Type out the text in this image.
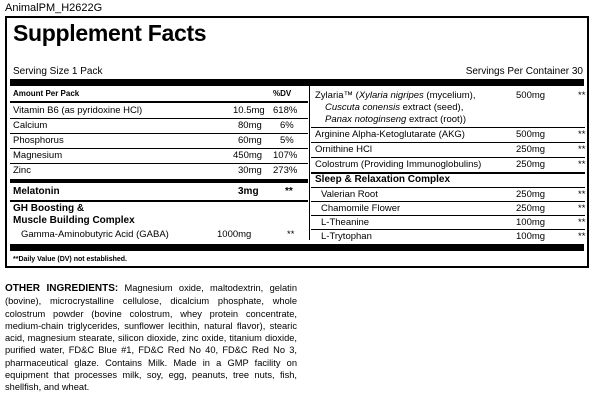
AnimalPM_H2622G
Supplement Facts
Serving Size 1 Pack	Servings Per Container 30
Amount Per Pack	%DV
Vitamin B6 (as pyridoxine HCl)	10.5mg 618%
Calcium	80mg 6%
Phosphorus	60mg 5%
Magnesium	450mg 107%
Zinc	30mg 273%
Melatonin	3mg	**
GH Boosting &
Muscle Building Complex
Gamma-Aminobutyric Acid (GABA)	1000mg	**
Zylaria™ (Xylaria nigripes (mycelium),
Cuscuta conensis extract (seed),
Panax notoginseng extract (root))
500mg	**
Arginine Alpha-Ketoglutarate (AKG)	500mg	**
Ornithine HCl	250mg	**
Colostrum (Providing Immunoglobulins)	250mg	**
Sleep & Relaxation Complex
Valerian Root	250mg	**
Chamomile Flower	250mg	**
L-Theanine	100mg	**
L-Trytophan	100mg	**
**Daily Value (DV) not established.
OTHER INGREDIENTS: Magnesium oxide, maltodextrin, gelatin (bovine), microcrystalline cellulose, dicalcium phosphate, whole colostrum powder (bovine colostrum, whey protein concentrate, medium-chain triglycerides, sunflower lecithin, natural flavor), stearic acid, magnesium stearate, silicon dioxide, zinc oxide, titanium dioxide, purified water, FD&C Blue #1, FD&C Red No 40, FD&C Red No 3, pharmaceutical glaze. Contains Milk. Made in a GMP facility on equipment that processes milk, soy, egg, peanuts, tree nuts, fish, shellfish, and wheat.
